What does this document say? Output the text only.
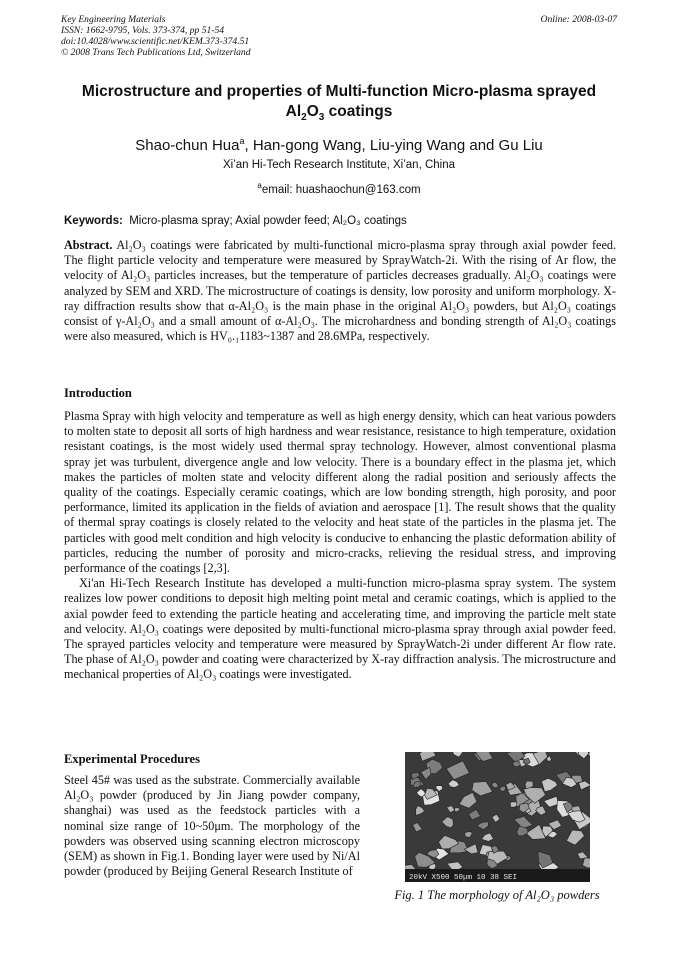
Key Engineering Materials
ISSN: 1662-9795, Vols. 373-374, pp 51-54
doi:10.4028/www.scientific.net/KEM.373-374.51
© 2008 Trans Tech Publications Ltd, Switzerland
Online: 2008-03-07
Microstructure and properties of Multi-function Micro-plasma sprayed
$Al_2O_3$ coatings
Shao-chun Hua$^a$, Han-gong Wang, Liu-ying Wang and Gu Liu
Xi’an Hi-Tech Research Institute, Xi’an, China
$^a$email: huashaochun@163.com
Keywords: Micro-plasma spray; Axial powder feed; Al₂O₃ coatings
Abstract. Al₂O₃ coatings were fabricated by multi-functional micro-plasma spray through axial powder feed. The flight particle velocity and temperature were measured by SprayWatch-2i. With the rising of Ar flow, the velocity of Al₂O₃ particles increases, but the temperature of particles decreases gradually. Al₂O₃ coatings were analyzed by SEM and XRD. The microstructure of coatings is density, low porosity and uniform morphology. X-ray diffraction results show that α-Al₂O₃ is the main phase in the original Al₂O₃ powders, but Al₂O₃ coatings consist of γ-Al₂O₃ and a small amount of α-Al₂O₃. The microhardness and bonding strength of Al₂O₃ coatings were also measured, which is HV₀.₁1183~1387 and 28.6MPa, respectively.
Introduction

Plasma Spray with high velocity and temperature as well as high energy density, which can heat various powders to molten state to deposit all sorts of high hardness and wear resistance, resistance to high temperature, oxidation resistant coatings, is the most widely used thermal spray technology. However, almost conventional plasma spray jet was turbulent, divergence angle and low velocity. There is a boundary effect in the plasma jet, which makes the particles of molten state and velocity different along the radial position and seriously affects the quality of the coatings. Especially ceramic coatings, which are low bonding strength, high porosity, and poor performance, limited its application in the fields of aviation and aerospace [1]. The result shows that the quality of thermal spray coatings is closely related to the velocity and heat state of the particles in the plasma jet. The particles with good melt condition and high velocity is conducive to enhancing the plastic deformation ability of particles, reducing the number of porosity and micro-cracks, relieving the residual stress, and improving performance of the coatings [2,3].

Xi'an Hi-Tech Research Institute has developed a multi-function micro-plasma spray system. The system realizes low power conditions to deposit high melting point metal and ceramic coatings, which is applied to the axial powder feed to extending the particle heating and accelerating time, and improving the particle melt state and velocity. Al₂O₃ coatings were deposited by multi-functional micro-plasma spray through axial powder feed. The sprayed particles velocity and temperature were measured by SprayWatch-2i under different Ar flow rate. The phase of Al₂O₃ powder and coating were characterized by X-ray diffraction analysis. The microstructure and mechanical properties of Al₂O₃ coatings were investigated.

Experimental Procedures
Steel 45# was used as the substrate. Commercially available Al₂O₃ powder (produced by Jin Jiang powder company, shanghai) was used as the feedstock particles with a nominal size range of 10~50μm. The morphology of the powders was observed using scanning electron microscopy (SEM) as shown in Fig.1. Bonding layer were used by Ni/Al powder (produced by Beijing General Research Institute of	20kV X500 50μm 10 38 SEI
Fig. 1 The morphology of Al₂O₃ powders
